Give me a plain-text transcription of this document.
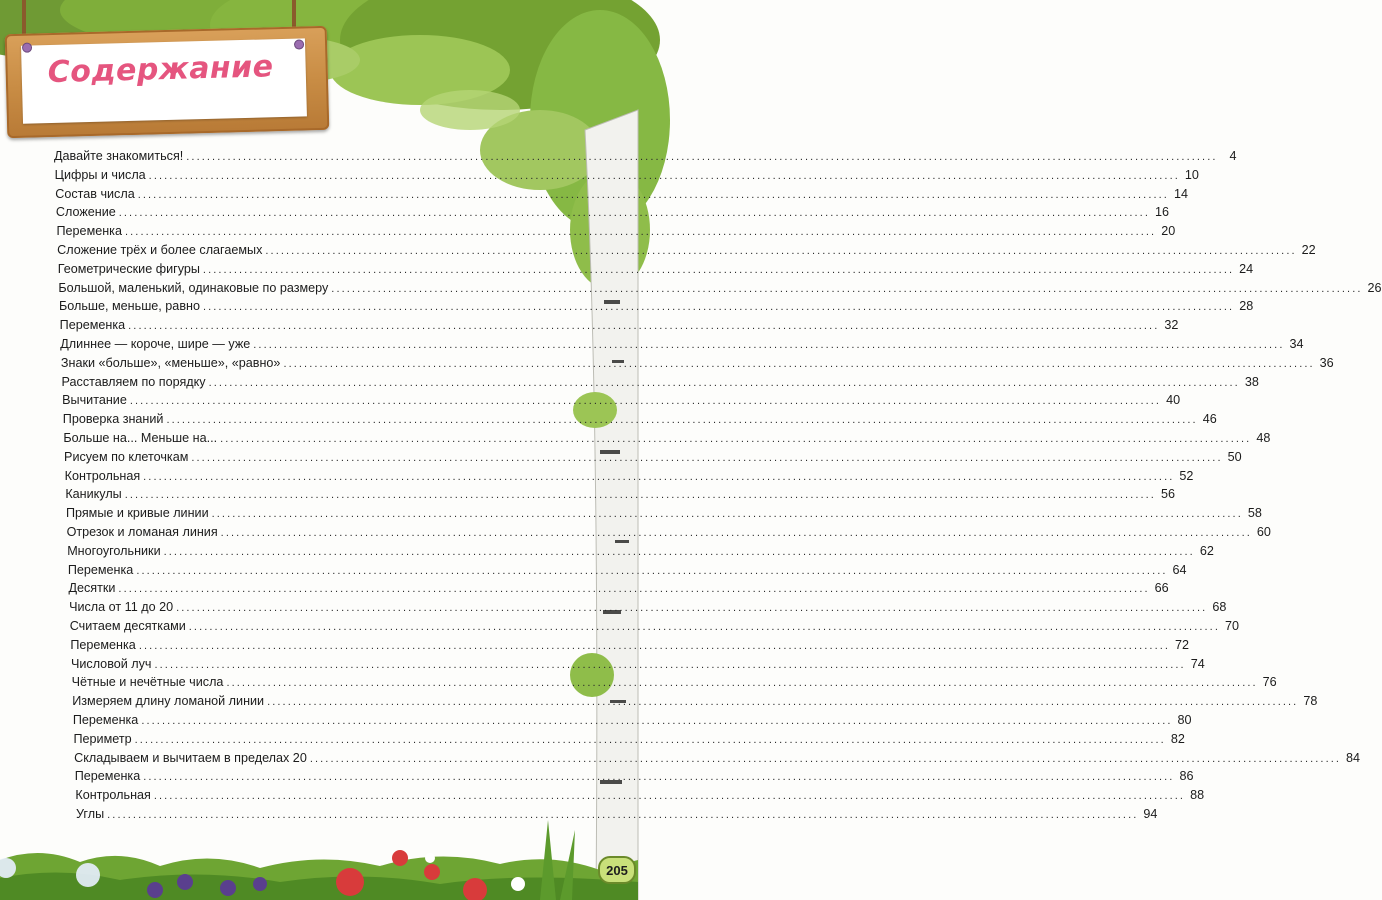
Содержание
Давайте знакомиться! ........................................................................................................................................................................................................ 4
Цифры и числа ........................................................................................................................................................................................................ 10
Состав числа ........................................................................................................................................................................................................ 14
Сложение ........................................................................................................................................................................................................ 16
Переменка ........................................................................................................................................................................................................ 20
Сложение трёх и более слагаемых ........................................................................................................................................................................................................ 22
Геометрические фигуры ........................................................................................................................................................................................................ 24
Большой, маленький, одинаковые по размеру ........................................................................................................................................................................................................ 26
Больше, меньше, равно ........................................................................................................................................................................................................ 28
Переменка ........................................................................................................................................................................................................ 32
Длиннее — короче, шире — уже ........................................................................................................................................................................................................ 34
Знаки «больше», «меньше», «равно» ........................................................................................................................................................................................................ 36
Расставляем по порядку ........................................................................................................................................................................................................ 38
Вычитание ........................................................................................................................................................................................................ 40
Проверка знаний ........................................................................................................................................................................................................ 46
Больше на... Меньше на... ........................................................................................................................................................................................................ 48
Рисуем по клеточкам ........................................................................................................................................................................................................ 50
Контрольная ........................................................................................................................................................................................................ 52
Каникулы ........................................................................................................................................................................................................ 56
Прямые и кривые линии ........................................................................................................................................................................................................ 58
Отрезок и ломаная линия ........................................................................................................................................................................................................ 60
Многоугольники ........................................................................................................................................................................................................ 62
Переменка ........................................................................................................................................................................................................ 64
Десятки ........................................................................................................................................................................................................ 66
Числа от 11 до 20 ........................................................................................................................................................................................................ 68
Считаем десятками ........................................................................................................................................................................................................ 70
Переменка ........................................................................................................................................................................................................ 72
Числовой луч ........................................................................................................................................................................................................ 74
Чётные и нечётные числа ........................................................................................................................................................................................................ 76
Измеряем длину ломаной линии ........................................................................................................................................................................................................ 78
Переменка ........................................................................................................................................................................................................ 80
Периметр ........................................................................................................................................................................................................ 82
Складываем и вычитаем в пределах 20 ........................................................................................................................................................................................................ 84
Переменка ........................................................................................................................................................................................................ 86
Контрольная ........................................................................................................................................................................................................ 88
Углы ........................................................................................................................................................................................................ 94
205
